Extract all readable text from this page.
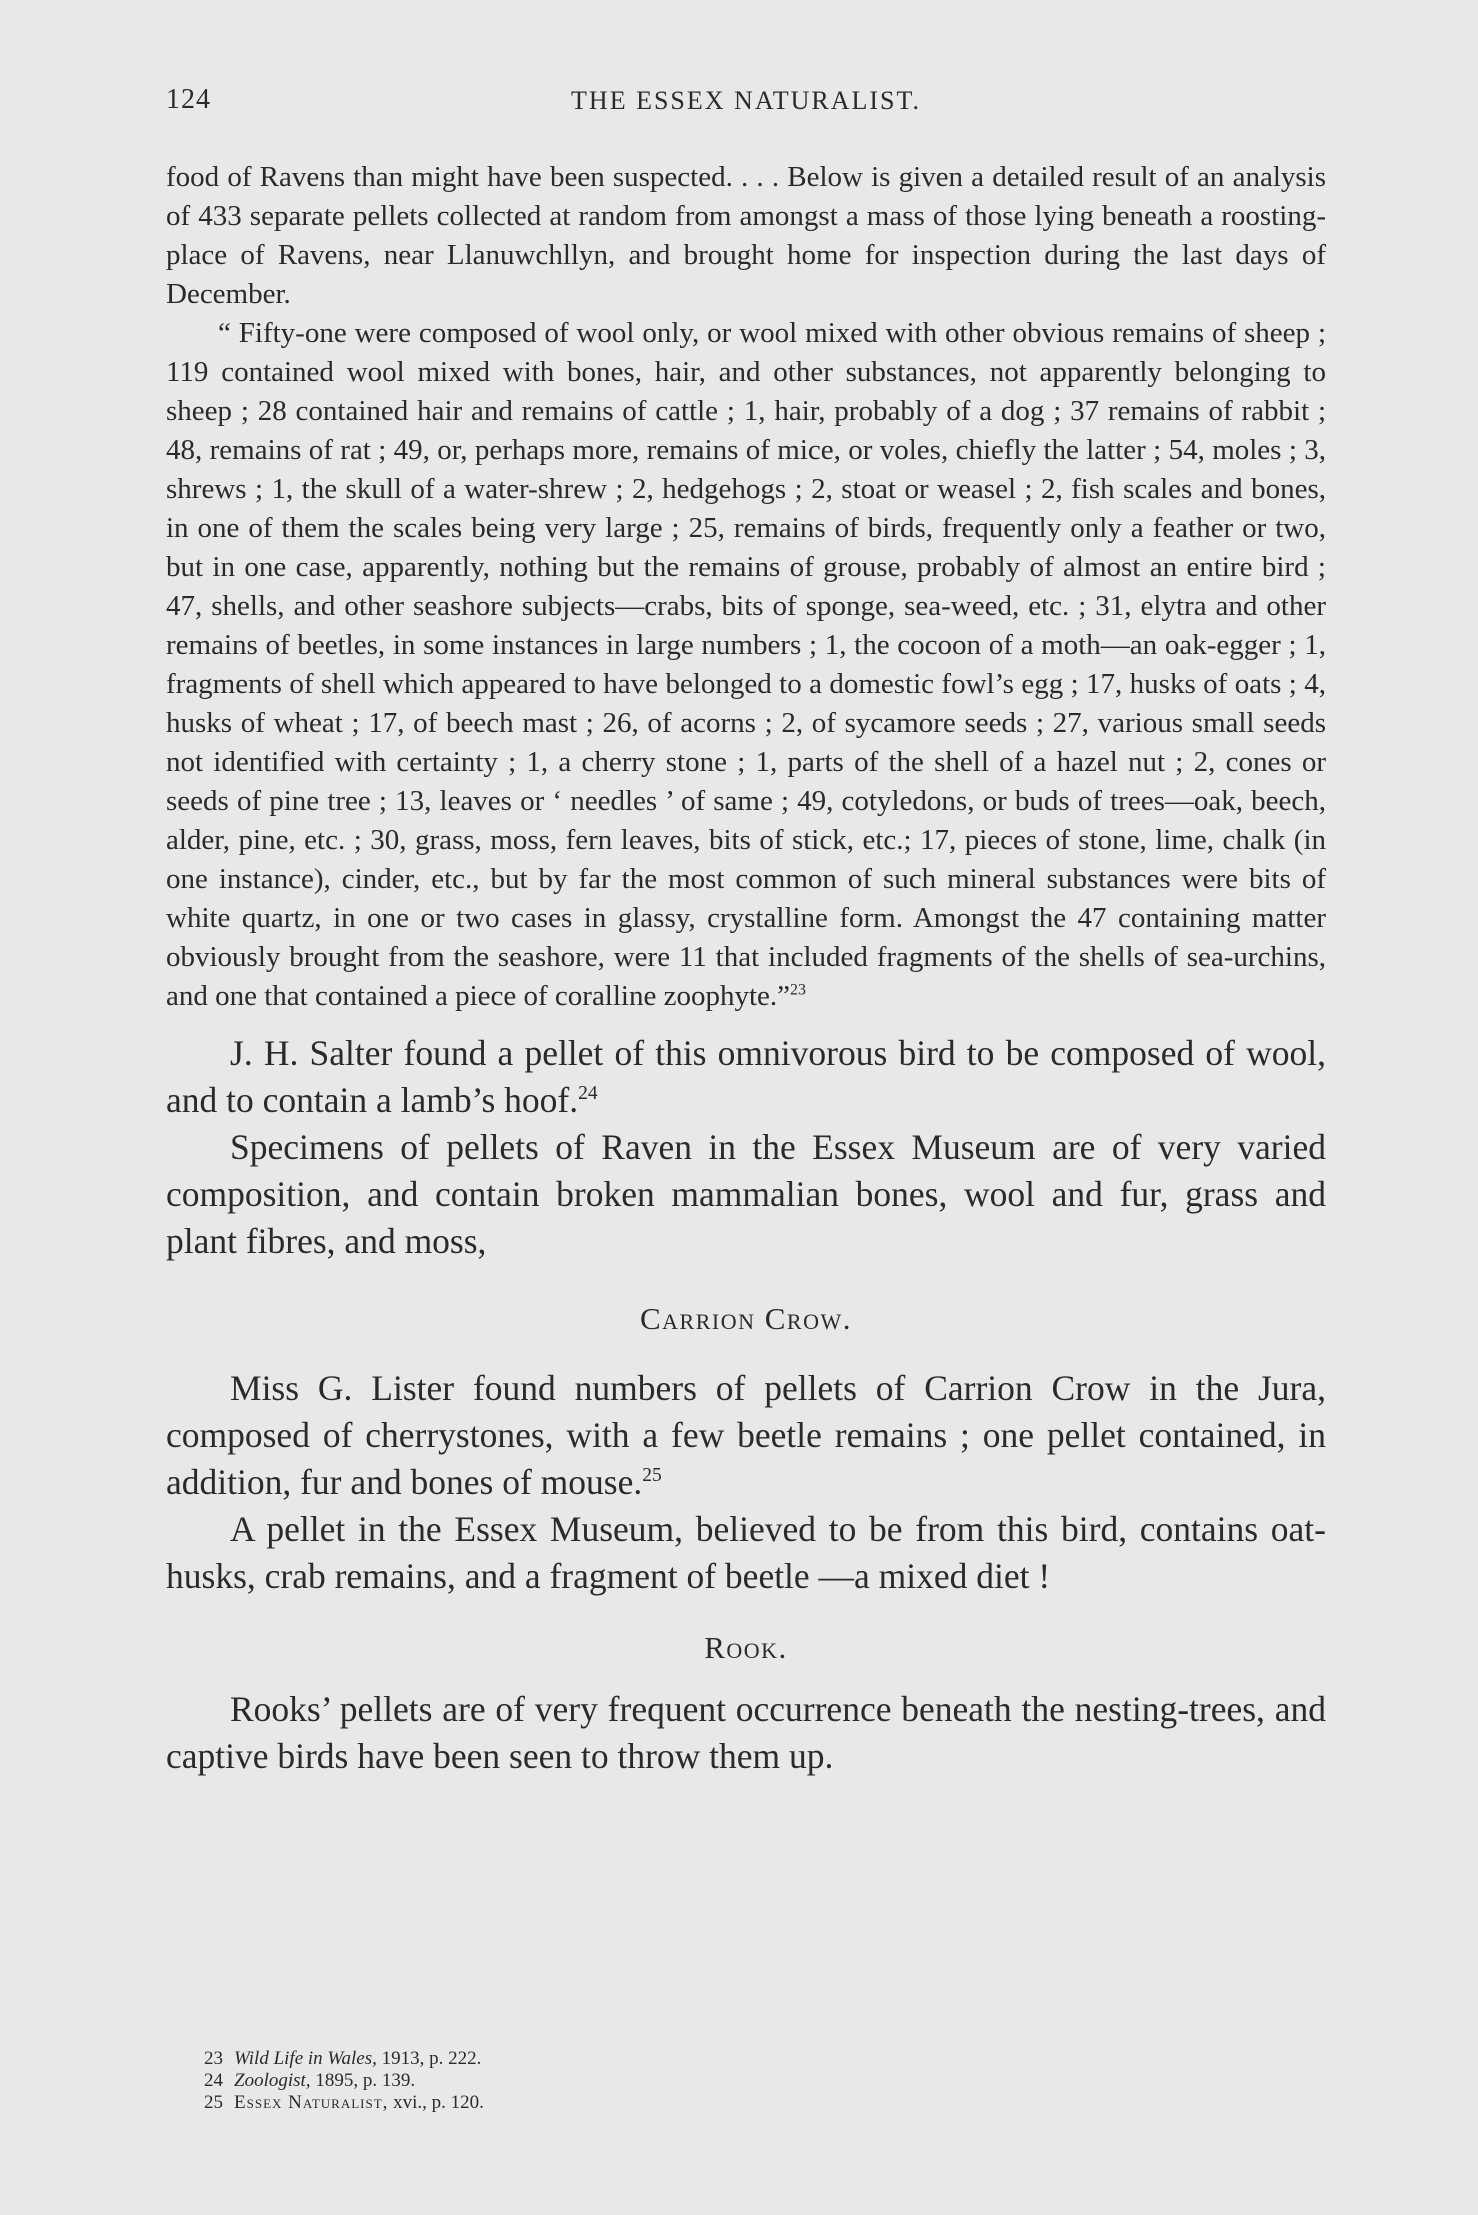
124	THE ESSEX NATURALIST.

food of Ravens than might have been suspected. . . . Below is given a detailed result of an analysis of 433 separate pellets collected at random from amongst a mass of those lying beneath a roosting-place of Ravens, near Llanuwchllyn, and brought home for inspection during the last days of December.

“ Fifty-one were composed of wool only, or wool mixed with other obvious remains of sheep ; 119 contained wool mixed with bones, hair, and other substances, not apparently belonging to sheep ; 28 contained hair and remains of cattle ; 1, hair, probably of a dog ; 37 remains of rabbit ; 48, remains of rat ; 49, or, perhaps more, remains of mice, or voles, chiefly the latter ; 54, moles ; 3, shrews ; 1, the skull of a water-shrew ; 2, hedgehogs ; 2, stoat or weasel ; 2, fish scales and bones, in one of them the scales being very large ; 25, remains of birds, frequently only a feather or two, but in one case, apparently, nothing but the remains of grouse, probably of almost an entire bird ; 47, shells, and other seashore subjects—crabs, bits of sponge, sea-weed, etc. ; 31, elytra and other remains of beetles, in some instances in large numbers ; 1, the cocoon of a moth—an oak-egger ; 1, fragments of shell which appeared to have belonged to a domestic fowl’s egg ; 17, husks of oats ; 4, husks of wheat ; 17, of beech mast ; 26, of acorns ; 2, of sycamore seeds ; 27, various small seeds not identified with certainty ; 1, a cherry stone ; 1, parts of the shell of a hazel nut ; 2, cones or seeds of pine tree ; 13, leaves or ‘ needles ’ of same ; 49, cotyledons, or buds of trees—oak, beech, alder, pine, etc. ; 30, grass, moss, fern leaves, bits of stick, etc.; 17, pieces of stone, lime, chalk (in one instance), cinder, etc., but by far the most common of such mineral substances were bits of white quartz, in one or two cases in glassy, crystalline form. Amongst the 47 containing matter obviously brought from the seashore, were 11 that included fragments of the shells of sea-urchins, and one that contained a piece of coralline zoophyte.”$^{23}$

J. H. Salter found a pellet of this omnivorous bird to be composed of wool, and to contain a lamb’s hoof.$^{24}$

Specimens of pellets of Raven in the Essex Museum are of very varied composition, and contain broken mammalian bones, wool and fur, grass and plant fibres, and moss,

Carrion Crow.

Miss G. Lister found numbers of pellets of Carrion Crow in the Jura, composed of cherrystones, with a few beetle remains ; one pellet contained, in addition, fur and bones of mouse.$^{25}$

A pellet in the Essex Museum, believed to be from this bird, contains oat-husks, crab remains, and a fragment of beetle —a mixed diet !

Rook.

Rooks’ pellets are of very frequent occurrence beneath the nesting-trees, and captive birds have been seen to throw them up.

23 Wild Life in Wales, 1913, p. 222.
24 Zoologist, 1895, p. 139.
25 Essex Naturalist, xvi., p. 120.
